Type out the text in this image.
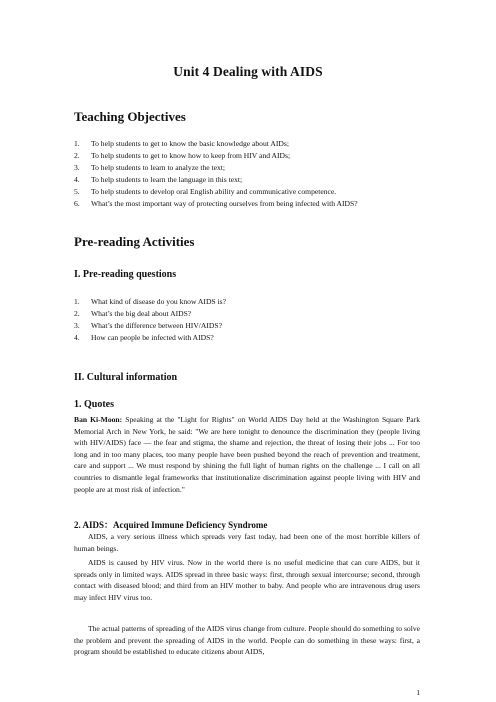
Unit 4 Dealing with AIDS
Teaching Objectives
1. To help students to get to know the basic knowledge about AIDs;
2. To help students to get to know how to keep from HIV and AIDs;
3. To help students to learn to analyze the text;
4. To help students to learn the language in this text;
5. To help students to develop oral English ability and communicative competence.
6. What’s the most important way of protecting ourselves from being infected with AIDS?
Pre-reading Activities
I. Pre-reading questions
1. What kind of disease do you know AIDS is?
2. What’s the big deal about AIDS?
3. What’s the difference between HIV/AIDS?
4. How can people be infected with AIDS?
II. Cultural information
1. Quotes

Ban Ki-Moon: Speaking at the "Light for Rights" on World AIDS Day held at the Washington Square Park Memorial Arch in New York, he said: "We are here tonight to denounce the discrimination they (people living with HIV/AIDS) face — the fear and stigma, the shame and rejection, the threat of losing their jobs ... For too long and in too many places, too many people have been pushed beyond the reach of prevention and treatment, care and support ... We must respond by shining the full light of human rights on the challenge ... I call on all countries to dismantle legal frameworks that institutionalize discrimination against people living with HIV and people are at most risk of infection."

2. AIDS：Acquired Immune Deficiency Syndrome

AIDS, a very serious illness which spreads very fast today, had been one of the most horrible killers of human beings.

AIDS is caused by HIV virus. Now in the world there is no useful medicine that can cure AIDS, but it spreads only in limited ways. AIDS spread in three basic ways: first, through sexual intercourse; second, through contact with diseased blood; and third from an HIV mother to baby. And people who are intravenous drug users may infect HIV virus too.

The actual patterns of spreading of the AIDS virus change from culture. People should do something to solve the problem and prevent the spreading of AIDS in the world. People can do something in these ways: first, a program should be established to educate citizens about AIDS,

1
